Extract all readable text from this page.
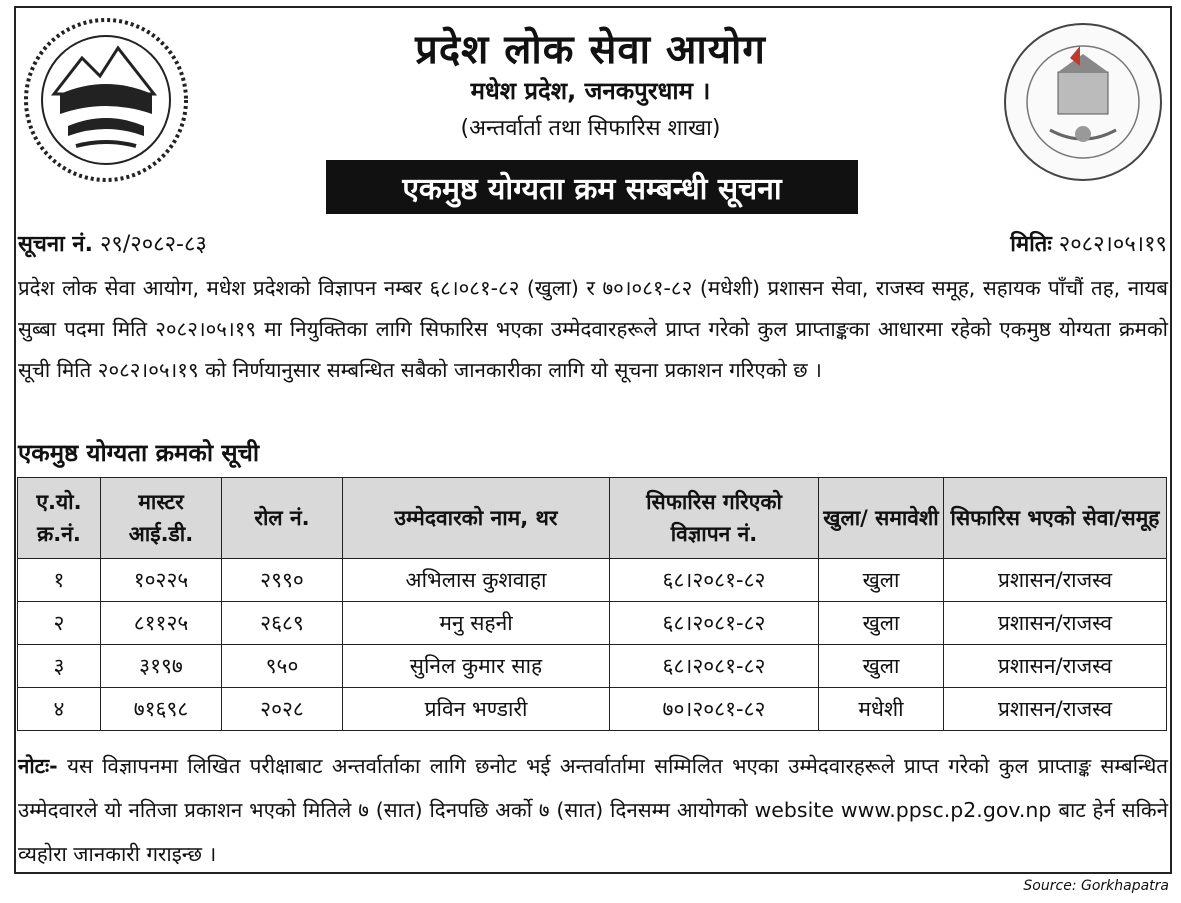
प्रदेश लोक सेवा आयोग
मधेश प्रदेश, जनकपुरधाम ।
(अन्तर्वार्ता तथा सिफारिस शाखा)
एकमुष्ठ योग्यता क्रम सम्बन्धी सूचना
सूचना नं. २९/२०८२-८३	मितिः २०८२।०५।१९
प्रदेश लोक सेवा आयोग, मधेश प्रदेशको विज्ञापन नम्बर ६८।०८१-८२ (खुला) र ७०।०८१-८२ (मधेशी) प्रशासन सेवा, राजस्व समूह, सहायक पाँचौं तह, नायब सुब्बा पदमा मिति २०८२।०५।१९ मा नियुक्तिका लागि सिफारिस भएका उम्मेदवारहरूले प्राप्त गरेको कुल प्राप्ताङ्कका आधारमा रहेको एकमुष्ठ योग्यता क्रमको सूची मिति २०८२।०५।१९ को निर्णयानुसार सम्बन्धित सबैको जानकारीका लागि यो सूचना प्रकाशन गरिएको छ ।
एकमुष्ठ योग्यता क्रमको सूची
ए.यो. क्र.नं.	मास्टर आई.डी.	रोल नं.	उम्मेदवारको नाम, थर	सिफारिस गरिएको विज्ञापन नं.	खुला/ समावेशी	सिफारिस भएको सेवा/समूह
१	१०२२५	२९९०	अभिलास कुशवाहा	६८।२०८१-८२	खुला	प्रशासन/राजस्व
२	८११२५	२६८९	मनु सहनी	६८।२०८१-८२	खुला	प्रशासन/राजस्व
३	३१९७	९५०	सुनिल कुमार साह	६८।२०८१-८२	खुला	प्रशासन/राजस्व
४	७१६९८	२०२८	प्रविन भण्डारी	७०।२०८१-८२	मधेशी	प्रशासन/राजस्व
नोटः- यस विज्ञापनमा लिखित परीक्षाबाट अन्तर्वार्ताका लागि छनोट भई अन्तर्वार्तामा सम्मिलित भएका उम्मेदवारहरूले प्राप्त गरेको कुल प्राप्ताङ्क सम्बन्धित उम्मेदवारले यो नतिजा प्रकाशन भएको मितिले ७ (सात) दिनपछि अर्को ७ (सात) दिनसम्म आयोगको website www.ppsc.p2.gov.np बाट हेर्न सकिने व्यहोरा जानकारी गराइन्छ ।
Source: Gorkhapatra
